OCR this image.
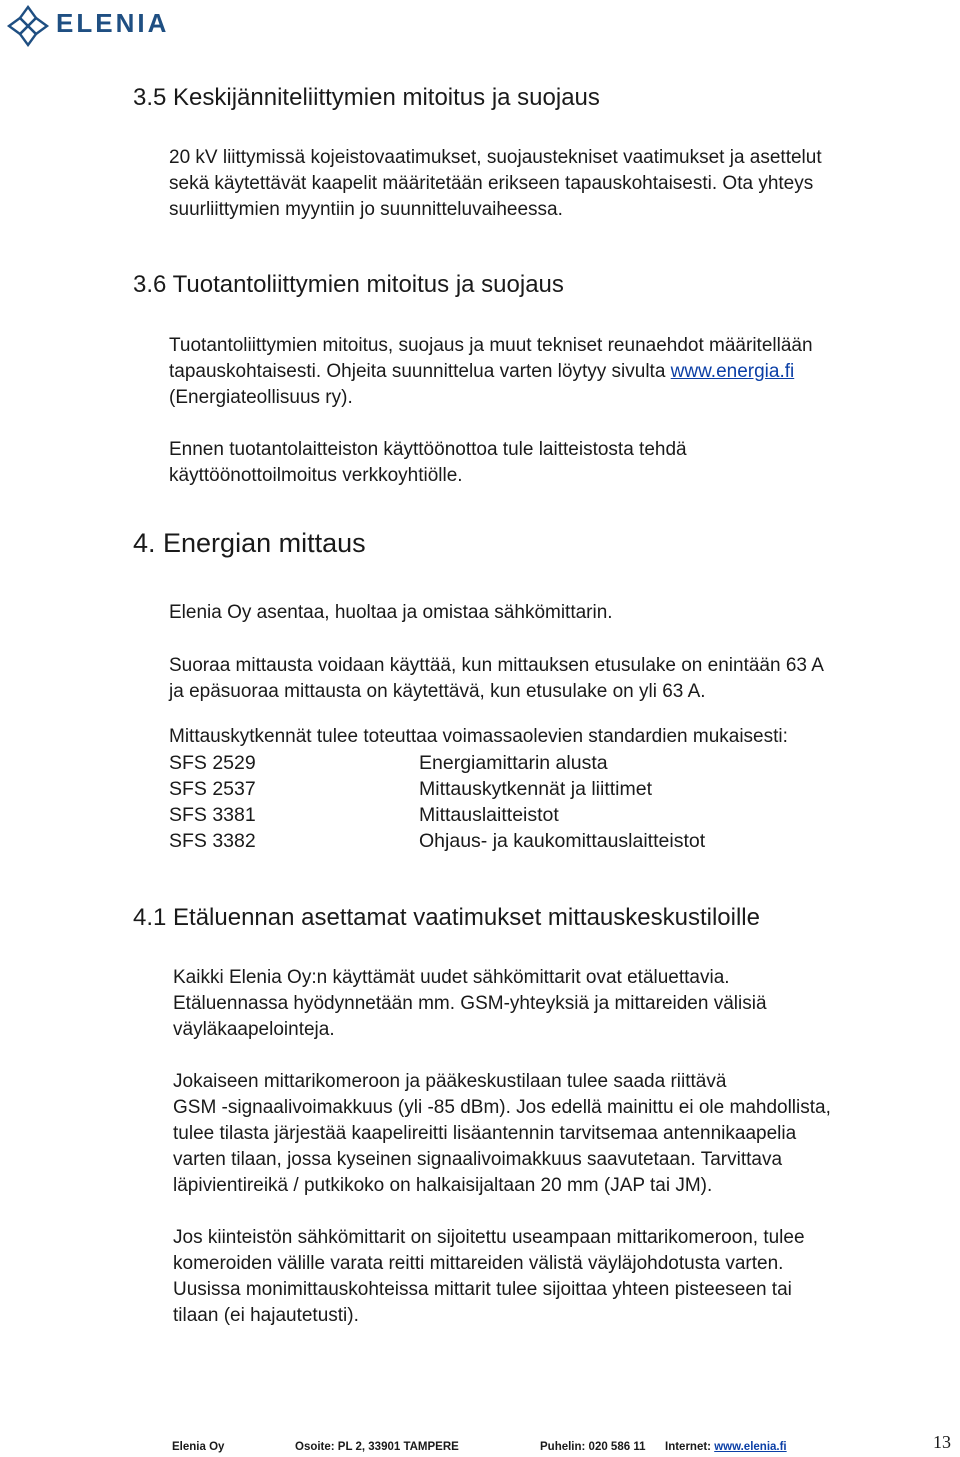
ELENIA
3.5 Keskijänniteliittymien mitoitus ja suojaus
20 kV liittymissä kojeistovaatimukset, suojaustekniset vaatimukset ja asettelut
sekä käytettävät kaapelit määritetään erikseen tapauskohtaisesti. Ota yhteys
suurliittymien myyntiin jo suunnitteluvaiheessa.
3.6 Tuotantoliittymien mitoitus ja suojaus
Tuotantoliittymien mitoitus, suojaus ja muut tekniset reunaehdot määritellään
tapauskohtaisesti. Ohjeita suunnittelua varten löytyy sivulta www.energia.fi
(Energiateollisuus ry).
Ennen tuotantolaitteiston käyttöönottoa tule laitteistosta tehdä
käyttöönottoilmoitus verkkoyhtiölle.
4. Energian mittaus
Elenia Oy asentaa, huoltaa ja omistaa sähkömittarin.
Suoraa mittausta voidaan käyttää, kun mittauksen etusulake on enintään 63 A
ja epäsuoraa mittausta on käytettävä, kun etusulake on yli 63 A.
Mittauskytkennät tulee toteuttaa voimassaolevien standardien mukaisesti:
SFS 2529	Energiamittarin alusta
SFS 2537	Mittauskytkennät ja liittimet
SFS 3381	Mittauslaitteistot
SFS 3382	Ohjaus- ja kaukomittauslaitteistot
4.1 Etäluennan asettamat vaatimukset mittauskeskustiloille
Kaikki Elenia Oy:n käyttämät uudet sähkömittarit ovat etäluettavia.
Etäluennassa hyödynnetään mm. GSM-yhteyksiä ja mittareiden välisiä
väyläkaapelointeja.
Jokaiseen mittarikomeroon ja pääkeskustilaan tulee saada riittävä
GSM -signaalivoimakkuus (yli -85 dBm). Jos edellä mainittu ei ole mahdollista,
tulee tilasta järjestää kaapelireitti lisäantennin tarvitsemaa antennikaapelia
varten tilaan, jossa kyseinen signaalivoimakkuus saavutetaan. Tarvittava
läpivientireikä / putkikoko on halkaisijaltaan 20 mm (JAP tai JM).
Jos kiinteistön sähkömittarit on sijoitettu useampaan mittarikomeroon, tulee
komeroiden välille varata reitti mittareiden välistä väyläjohdotusta varten.
Uusissa monimittauskohteissa mittarit tulee sijoittaa yhteen pisteeseen tai
tilaan (ei hajautetusti).
Elenia Oy	Osoite: PL 2, 33901 TAMPERE	Puhelin: 020 586 11 Internet: www.elenia.fi	13
